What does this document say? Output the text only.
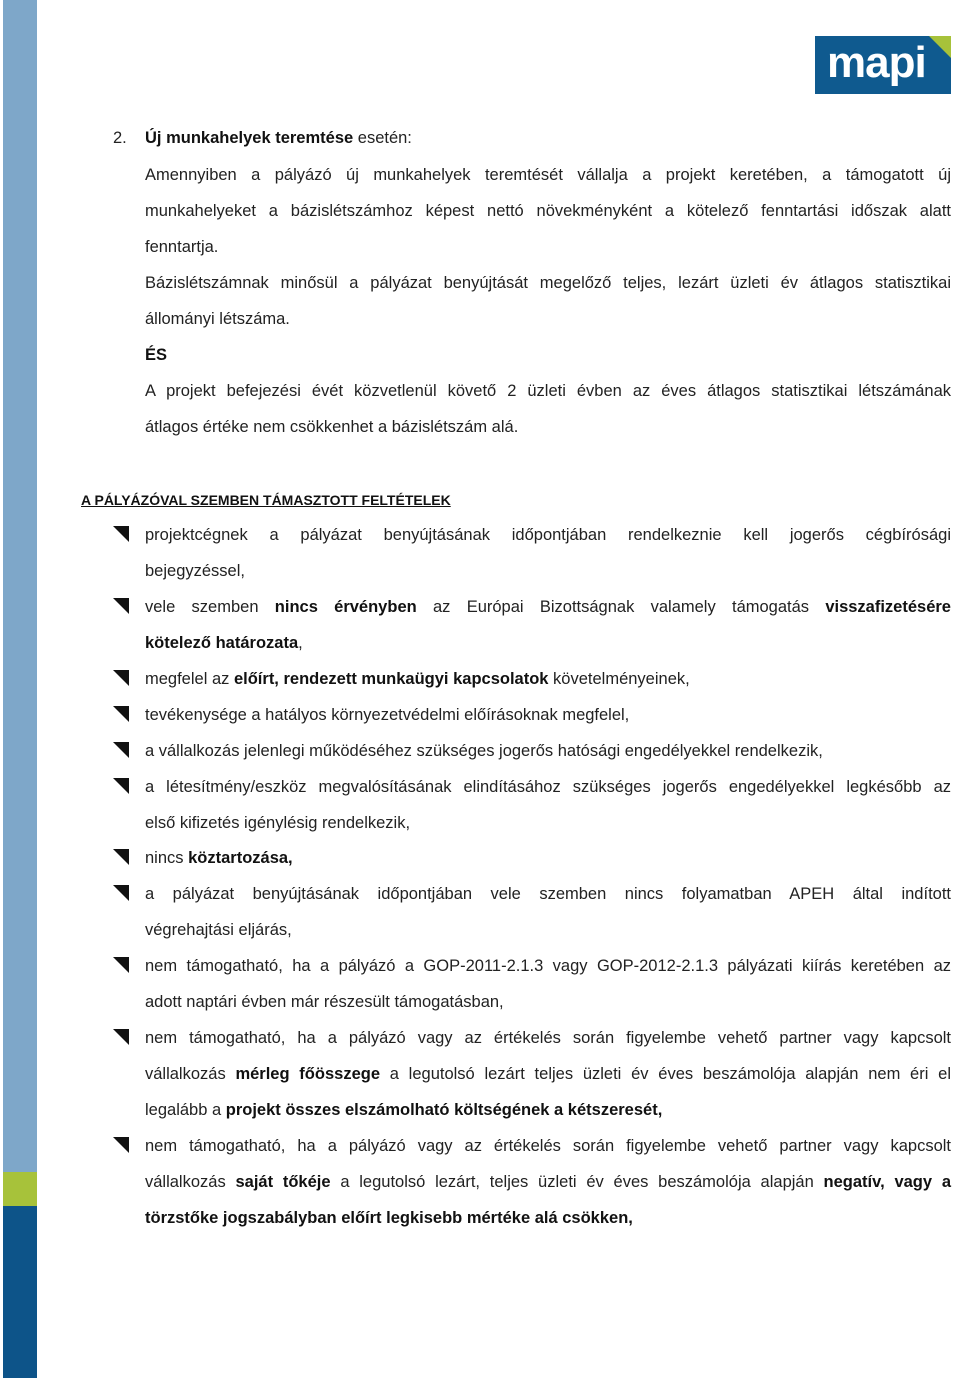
mapi
2. Új munkahelyek teremtése esetén:
Amennyiben a pályázó új munkahelyek teremtését vállalja a projekt keretében, a támogatott új
munkahelyeket a bázislétszámhoz képest nettó növekményként a kötelező fenntartási időszak alatt
fenntartja.
Bázislétszámnak minősül a pályázat benyújtását megelőző teljes, lezárt üzleti év átlagos statisztikai
állományi létszáma.
ÉS
A projekt befejezési évét közvetlenül követő 2 üzleti évben az éves átlagos statisztikai létszámának
átlagos értéke nem csökkenhet a bázislétszám alá.
A PÁLYÁZÓVAL SZEMBEN TÁMASZTOTT FELTÉTELEK
projektcégnek a pályázat benyújtásának időpontjában rendelkeznie kell jogerős cégbírósági
bejegyzéssel,
vele szemben nincs érvényben az Európai Bizottságnak valamely támogatás visszafizetésére
kötelező határozata,
megfelel az előírt, rendezett munkaügyi kapcsolatok követelményeinek,
tevékenysége a hatályos környezetvédelmi előírásoknak megfelel,
a vállalkozás jelenlegi működéséhez szükséges jogerős hatósági engedélyekkel rendelkezik,
a létesítmény/eszköz megvalósításának elindításához szükséges jogerős engedélyekkel legkésőbb az
első kifizetés igénylésig rendelkezik,
nincs köztartozása,
a pályázat benyújtásának időpontjában vele szemben nincs folyamatban APEH által indított
végrehajtási eljárás,
nem támogatható, ha a pályázó a GOP-2011-2.1.3 vagy GOP-2012-2.1.3 pályázati kiírás keretében az
adott naptári évben már részesült támogatásban,
nem támogatható, ha a pályázó vagy az értékelés során figyelembe vehető partner vagy kapcsolt
vállalkozás mérleg főösszege a legutolsó lezárt teljes üzleti év éves beszámolója alapján nem éri el
legalább a projekt összes elszámolható költségének a kétszeresét,
nem támogatható, ha a pályázó vagy az értékelés során figyelembe vehető partner vagy kapcsolt
vállalkozás saját tőkéje a legutolsó lezárt, teljes üzleti év éves beszámolója alapján negatív, vagy a
törzstőke jogszabályban előírt legkisebb mértéke alá csökken,
